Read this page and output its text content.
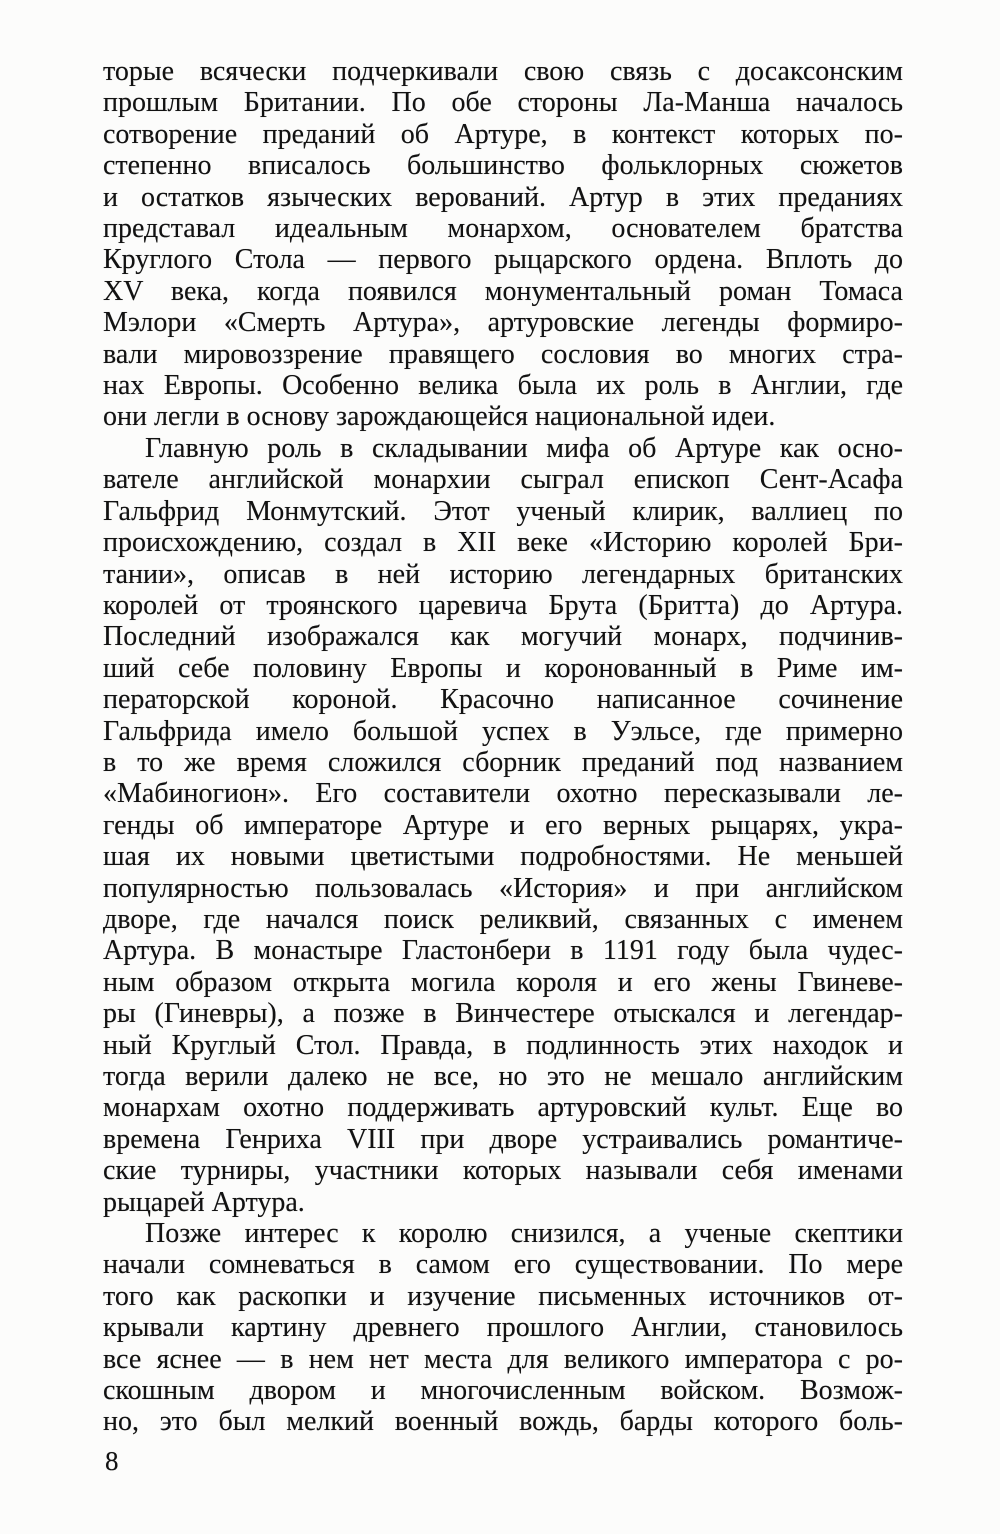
торые всячески подчеркивали свою связь с досаксонским
прошлым Британии. По обе стороны Ла-Манша началось
сотворение преданий об Артуре, в контекст которых по-
степенно вписалось большинство фольклорных сюжетов
и остатков языческих верований. Артур в этих преданиях
представал идеальным монархом, основателем братства
Круглого Стола — первого рыцарского ордена. Вплоть до
XV века, когда появился монументальный роман Томаса
Мэлори «Смерть Артура», артуровские легенды формиро-
вали мировоззрение правящего сословия во многих стра-
нах Европы. Особенно велика была их роль в Англии, где
они легли в основу зарождающейся национальной идеи.
Главную роль в складывании мифа об Артуре как осно-
вателе английской монархии сыграл епископ Сент-Асафа
Гальфрид Монмутский. Этот ученый клирик, валлиец по
происхождению, создал в XII веке «Историю королей Бри-
тании», описав в ней историю легендарных британских
королей от троянского царевича Брута (Бритта) до Артура.
Последний изображался как могучий монарх, подчинив-
ший себе половину Европы и коронованный в Риме им-
ператорской короной. Красочно написанное сочинение
Гальфрида имело большой успех в Уэльсе, где примерно
в то же время сложился сборник преданий под названием
«Мабиногион». Его составители охотно пересказывали ле-
генды об императоре Артуре и его верных рыцарях, укра-
шая их новыми цветистыми подробностями. Не меньшей
популярностью пользовалась «История» и при английском
дворе, где начался поиск реликвий, связанных с именем
Артура. В монастыре Гластонбери в 1191 году была чудес-
ным образом открыта могила короля и его жены Гвиневе-
ры (Гиневры), а позже в Винчестере отыскался и легендар-
ный Круглый Стол. Правда, в подлинность этих находок и
тогда верили далеко не все, но это не мешало английским
монархам охотно поддерживать артуровский культ. Еще во
времена Генриха VIII при дворе устраивались романтиче-
ские турниры, участники которых называли себя именами
рыцарей Артура.
Позже интерес к королю снизился, а ученые скептики
начали сомневаться в самом его существовании. По мере
того как раскопки и изучение письменных источников от-
крывали картину древнего прошлого Англии, становилось
все яснее — в нем нет места для великого императора с ро-
скошным двором и многочисленным войском. Возмож-
но, это был мелкий военный вождь, барды которого боль-
8
